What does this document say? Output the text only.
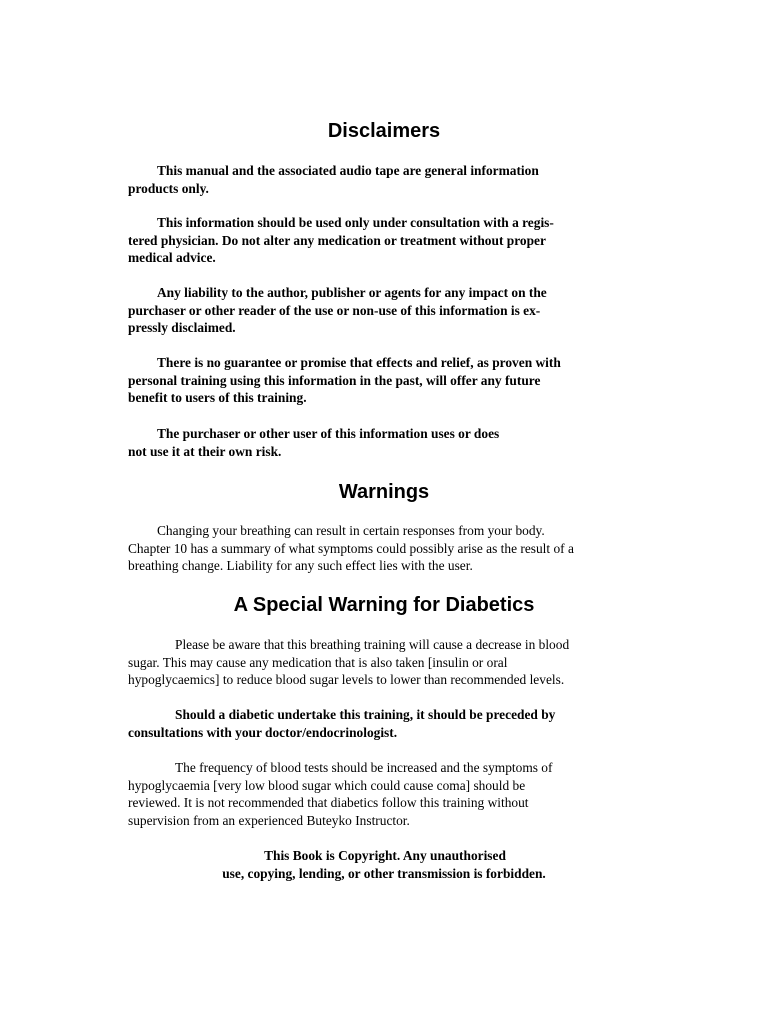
Disclaimers

This manual and the associated audio tape are general information
products only.

This information should be used only under consultation with a regis-
tered physician. Do not alter any medication or treatment without proper
medical advice.

Any liability to the author, publisher or agents for any impact on the
purchaser or other reader of the use or non-use of this information is ex-
pressly disclaimed.

There is no guarantee or promise that effects and relief, as proven with
personal training using this information in the past, will offer any future
benefit to users of this training.

The purchaser or other user of this information uses or does
not use it at their own risk.

Warnings

Changing your breathing can result in certain responses from your body.
Chapter 10 has a summary of what symptoms could possibly arise as the result of a
breathing change. Liability for any such effect lies with the user.

A Special Warning for Diabetics

Please be aware that this breathing training will cause a decrease in blood
sugar. This may cause any medication that is also taken [insulin or oral
hypoglycaemics] to reduce blood sugar levels to lower than recommended levels.

Should a diabetic undertake this training, it should be preceded by
consultations with your doctor/endocrinologist.

The frequency of blood tests should be increased and the symptoms of
hypoglycaemia [very low blood sugar which could cause coma] should be
reviewed. It is not recommended that diabetics follow this training without
supervision from an experienced Buteyko Instructor.

This Book is Copyright. Any unauthorised
use, copying, lending, or other transmission is forbidden.
